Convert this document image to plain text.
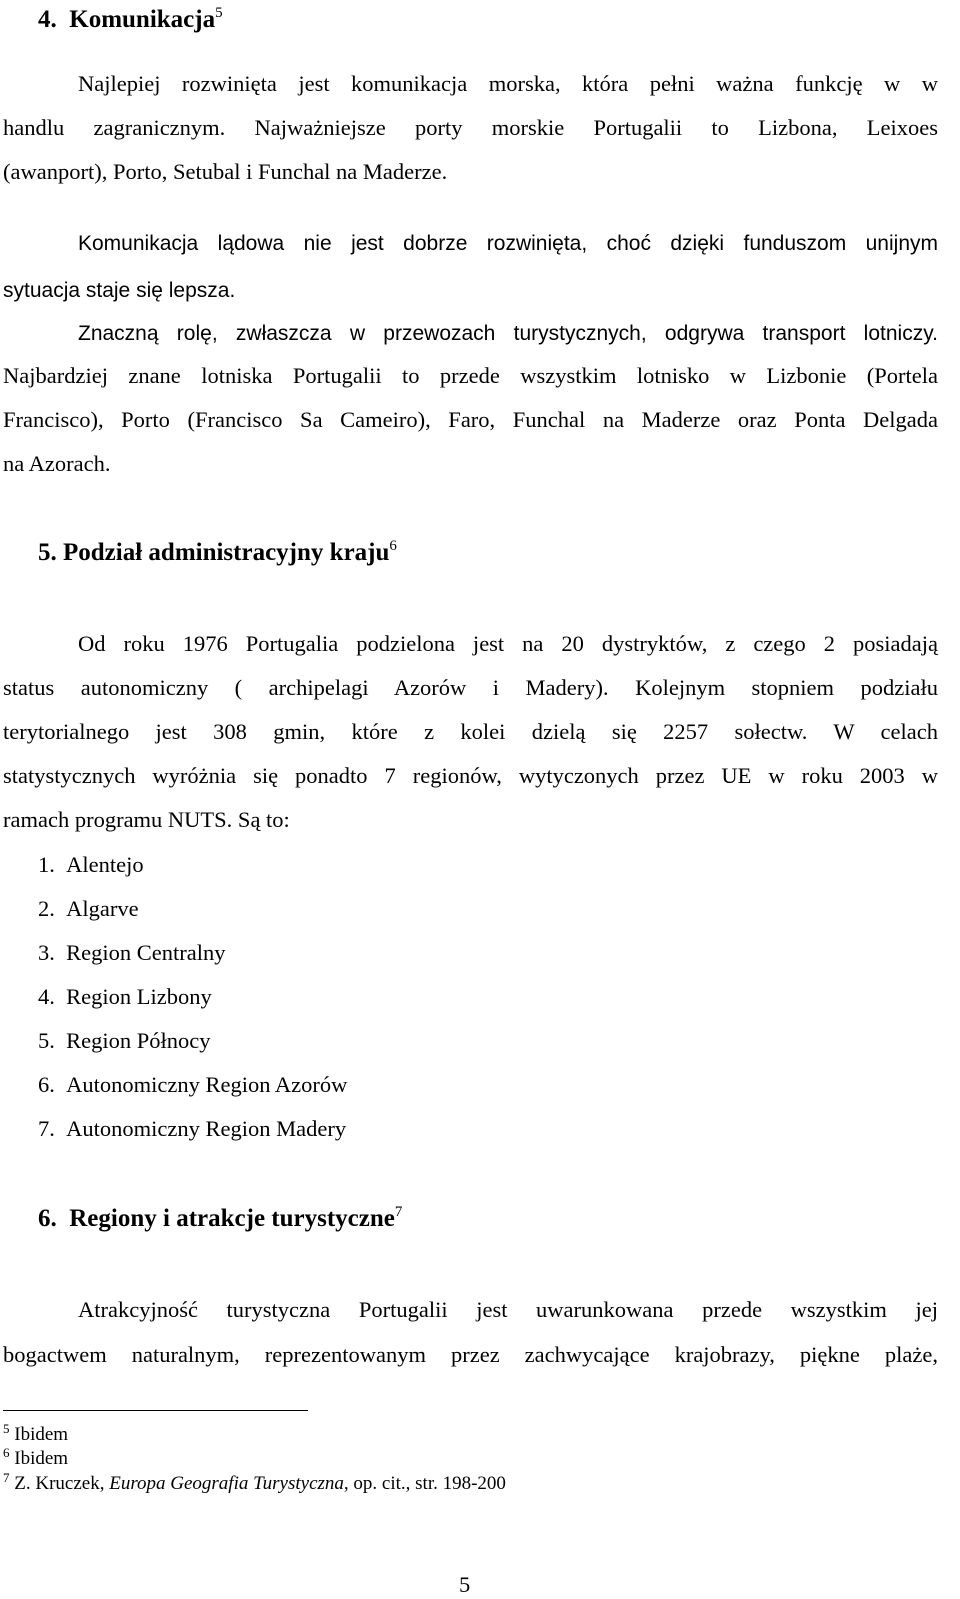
4. Komunikacja$^5$
Najlepiej rozwinięta jest komunikacja morska, która pełni ważna funkcję w w
handlu zagranicznym. Najważniejsze porty morskie Portugalii to Lizbona, Leixoes
(awanport), Porto, Setubal i Funchal na Maderze.
Komunikacja lądowa nie jest dobrze rozwinięta, choć dzięki funduszom unijnym
sytuacja staje się lepsza.
Znaczną rolę, zwłaszcza w przewozach turystycznych, odgrywa transport lotniczy.
Najbardziej znane lotniska Portugalii to przede wszystkim lotnisko w Lizbonie (Portela
Francisco), Porto (Francisco Sa Cameiro), Faro, Funchal na Maderze oraz Ponta Delgada
na Azorach.
5. Podział administracyjny kraju$^6$
Od roku 1976 Portugalia podzielona jest na 20 dystryktów, z czego 2 posiadają
status autonomiczny ( archipelagi Azorów i Madery). Kolejnym stopniem podziału
terytorialnego jest 308 gmin, które z kolei dzielą się 2257 sołectw. W celach
statystycznych wyróżnia się ponadto 7 regionów, wytyczonych przez UE w roku 2003 w
ramach programu NUTS. Są to:
1. Alentejo
2. Algarve
3. Region Centralny
4. Region Lizbony
5. Region Północy
6. Autonomiczny Region Azorów
7. Autonomiczny Region Madery
6. Regiony i atrakcje turystyczne$^7$
Atrakcyjność turystyczna Portugalii jest uwarunkowana przede wszystkim jej
bogactwem naturalnym, reprezentowanym przez zachwycające krajobrazy, piękne plaże,
$^5$ Ibidem
$^6$ Ibidem
$^7$ Z. Kruczek, Europa Geografia Turystyczna, op. cit., str. 198-200
5
